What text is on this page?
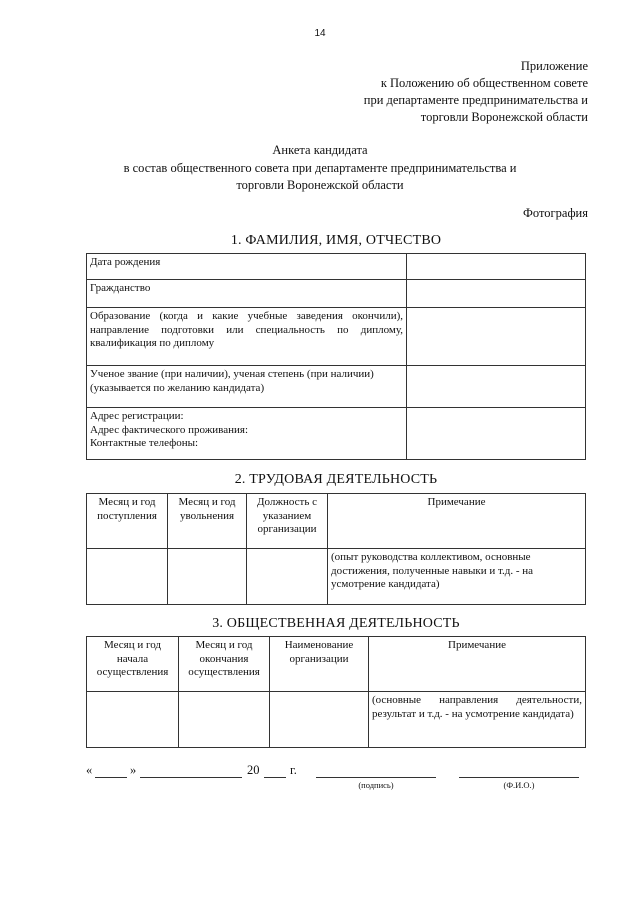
14
Приложение
к Положению об общественном совете
при департаменте предпринимательства и
торговли Воронежской области
Анкета кандидата
в состав общественного совета при департаменте предпринимательства и
торговли Воронежской области
Фотография
1. ФАМИЛИЯ, ИМЯ, ОТЧЕСТВО
Дата рождения	
Гражданство	
Образование (когда и какие учебные заведения окончили), направление подготовки или специальность по диплому, квалификация по диплому	
Ученое звание (при наличии), ученая степень (при наличии) (указывается по желанию кандидата)	
Адрес регистрации:
Адрес фактического проживания:
Контактные телефоны:	
2. ТРУДОВАЯ ДЕЯТЕЛЬНОСТЬ
Месяц и год поступления	Месяц и год увольнения	Должность с указанием организации	Примечание
			(опыт руководства коллективом, основные достижения, полученные навыки и т.д. - на усмотрение кандидата)
3. ОБЩЕСТВЕННАЯ ДЕЯТЕЛЬНОСТЬ
Месяц и год начала осуществления	Месяц и год окончания осуществления	Наименование организации	Примечание
			(основные направления деятельности, результат и т.д. - на усмотрение кандидата)
«	»	20 г.
(подпись)	(Ф.И.О.)
